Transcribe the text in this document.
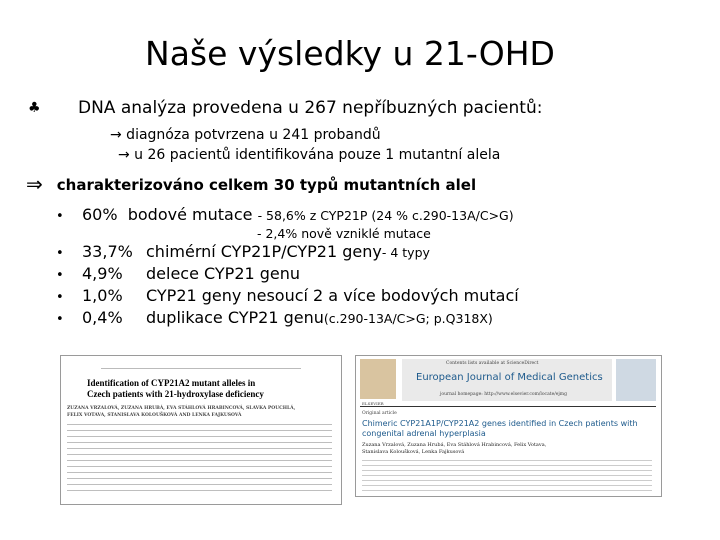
Naše výsledky u 21-OHD
♣ DNA analýza provedena u 267 nepříbuzných pacientů:
→ diagnóza potvrzena u 241 probandů
→ u 26 pacientů identifikována pouze 1 mutantní alela
⇒ charakterizováno celkem 30 typů mutantních alel
• 60% bodové mutace - 58,6% z CYP21P (24 % c.290-13A/C>G)
- 2,4% nově vzniklé mutace
•	33,7% chimérní CYP21P/CYP21 geny - 4 typy
•	4,9%	delece CYP21 genu
•	1,0%	CYP21 geny nesoucí 2 a více bodových mutací
•	0,4%	duplikace CYP21 genu (c.290-13A/C>G; p.Q318X)
Identification of CYP21A2 mutant alleles in
Czech patients with 21-hydroxylase deficiency
ZUZANA VRZALOVÁ, ZUZANA HRUBÁ, EVA STÁHLOVÁ HRABINCOVÁ, SLAVKA POUCHLÁ,
FELIX VOTAVA, STANISLAVA KOLOUŠKOVÁ AND LENKA FAJKUSOVÁ
ELSEVIER
Contents lists available at ScienceDirect
European Journal of Medical Genetics
journal homepage: http://www.elsevier.com/locate/ejmg
Original article
Chimeric CYP21A1P/CYP21A2 genes identified in Czech patients with
congenital adrenal hyperplasia
Zuzana Vrzalová, Zuzana Hrubá, Eva Stáhlová Hrabincová, Felix Votava,
Stanislava Koloušková, Lenka Fajkusová
